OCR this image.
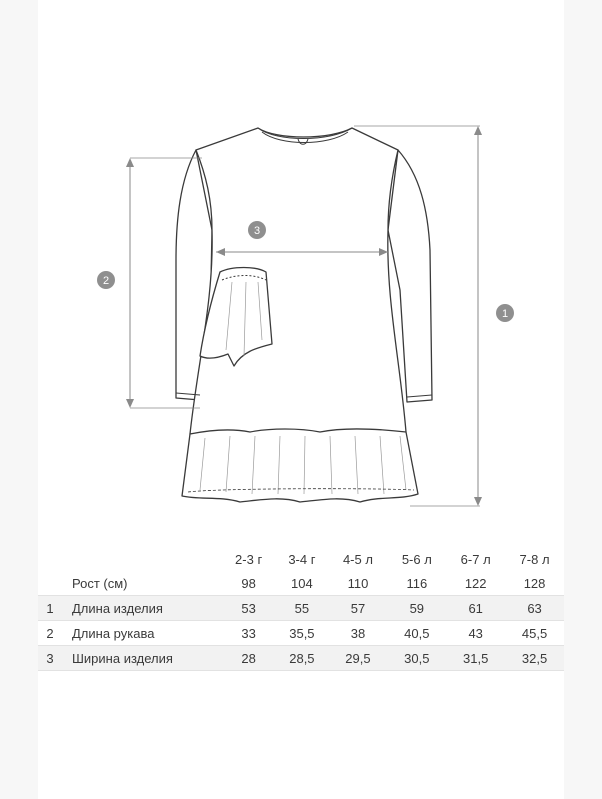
1
2
3
		2-3 г	3-4 г	4-5 л	5-6 л	6-7 л	7-8 л
	Рост (см)	98	104	110	116	122	128
1	Длина изделия	53	55	57	59	61	63
2	Длина рукава	33	35,5	38	40,5	43	45,5
3	Ширина изделия	28	28,5	29,5	30,5	31,5	32,5
